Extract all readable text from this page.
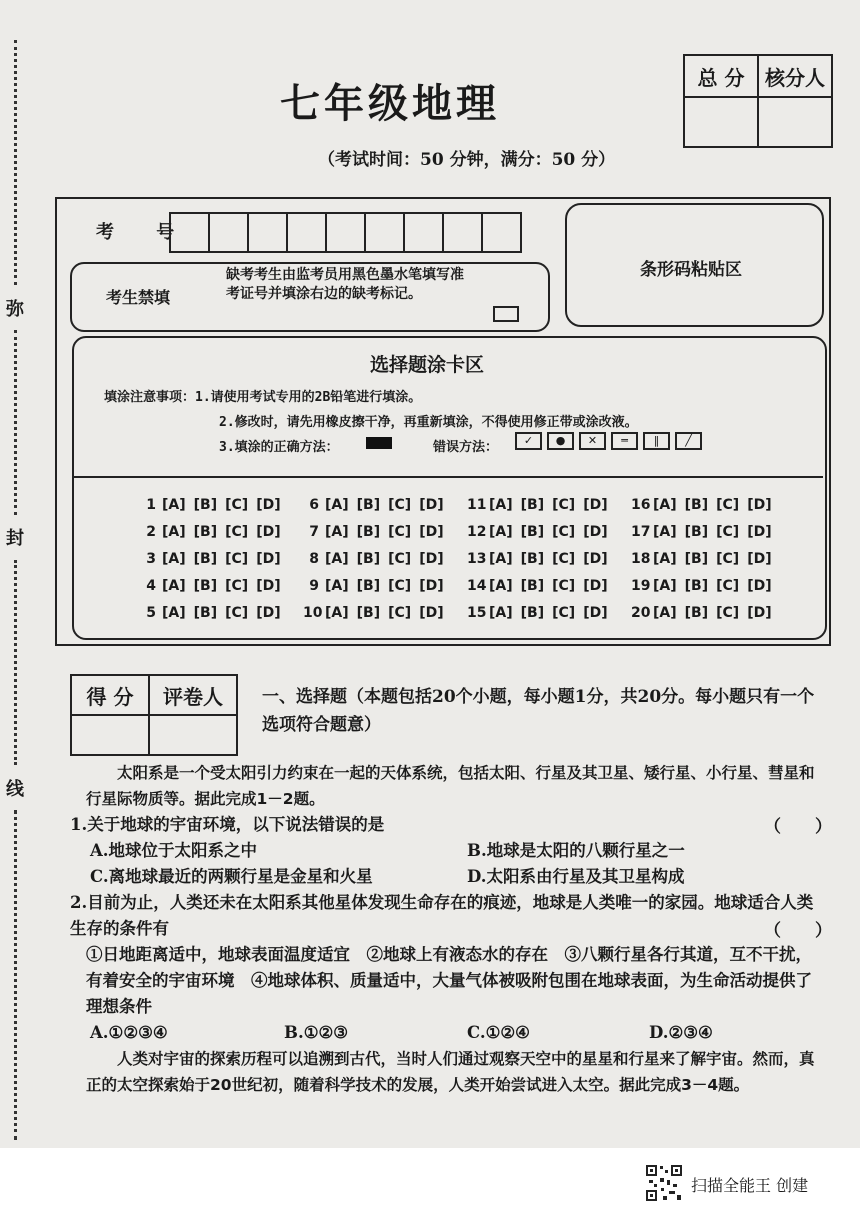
七年级地理
（考试时间：50 分钟，满分：50 分）
总 分	核分人

弥
封
线
考 号
考生禁填
缺考考生由监考员用黑色墨水笔填写准考证号并填涂右边的缺考标记。
条形码粘贴区
选择题涂卡区
填涂注意事项：1.请使用考试专用的2B铅笔进行填涂。
2.修改时，请先用橡皮擦干净，再重新填涂，不得使用修正带或涂改液。
3.填涂的正确方法：	错误方法：	✓	●	✕	═	‖	╱
1 [A] [B] [C] [D]
2 [A] [B] [C] [D]
3 [A] [B] [C] [D]
4 [A] [B] [C] [D]
5 [A] [B] [C] [D]
6 [A] [B] [C] [D]
7 [A] [B] [C] [D]
8 [A] [B] [C] [D]
9 [A] [B] [C] [D]
10 [A] [B] [C] [D]
11 [A] [B] [C] [D]
12 [A] [B] [C] [D]
13 [A] [B] [C] [D]
14 [A] [B] [C] [D]
15 [A] [B] [C] [D]
16 [A] [B] [C] [D]
17 [A] [B] [C] [D]
18 [A] [B] [C] [D]
19 [A] [B] [C] [D]
20 [A] [B] [C] [D]
得 分	评卷人
	一、选择题（本题包括20个小题，每小题1分，共20分。每小题只有一个选项符合题意）
太阳系是一个受太阳引力约束在一起的天体系统，包括太阳、行星及其卫星、矮行星、小行星、彗星和行星际物质等。据此完成1－2题。
1.关于地球的宇宙环境，以下说法错误的是	（　　）
A.地球位于太阳系之中	B.地球是太阳的八颗行星之一
C.离地球最近的两颗行星是金星和火星	D.太阳系由行星及其卫星构成
2.目前为止，人类还未在太阳系其他星体发现生命存在的痕迹，地球是人类唯一的家园。地球适合人类生存的条件有	（　　）
①日地距离适中，地球表面温度适宜　②地球上有液态水的存在　③八颗行星各行其道，互不干扰，有着安全的宇宙环境　④地球体积、质量适中，大量气体被吸附包围在地球表面，为生命活动提供了理想条件
A.①②③④	B.①②③	C.①②④	D.②③④
人类对宇宙的探索历程可以追溯到古代，当时人们通过观察天空中的星星和行星来了解宇宙。然而，真正的太空探索始于20世纪初，随着科学技术的发展，人类开始尝试进入太空。据此完成3－4题。
扫描全能王 创建
